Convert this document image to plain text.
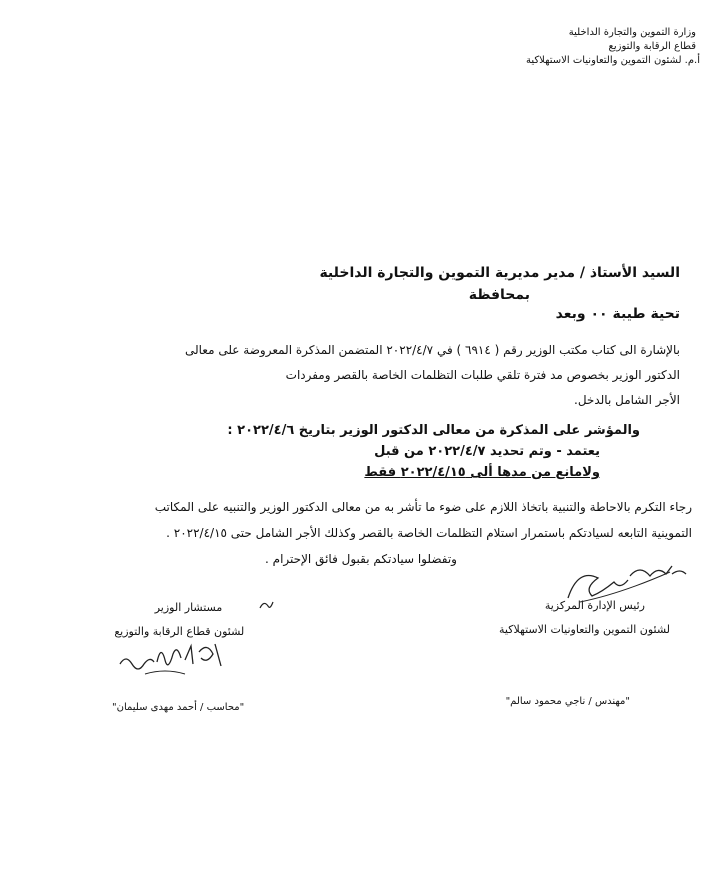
وزارة التموين والتجارة الداخلية
قطاع الرقابة والتوزيع
أ.م. لشئون التموين والتعاونيات الاستهلاكية
السيد الأستاذ / مدير مديرية التموين والتجارة الداخلية
بمحافظة
تحية طيبة ٠٠ وبعد
بالإشارة الى كتاب مكتب الوزير رقم ( ٦٩١٤ ) في ٢٠٢٢/٤/٧ المتضمن المذكرة المعروضة على معالى
الدكتور الوزير بخصوص مد فترة تلقي طلبات التظلمات الخاصة بالقصر ومفردات
الأجر الشامل بالدخل.
والمؤشر على المذكرة من معالى الدكتور الوزير بتاريخ ٢٠٢٢/٤/٦ :
يعتمد - وتم تحديد ٢٠٢٢/٤/٧ من قبل
ولامانع من مدها ألى ٢٠٢٢/٤/١٥ فقط
رجاء التكرم بالاحاطة والتنبية باتخاذ اللازم على ضوء ما تأشر به من معالى الدكتور الوزير والتنبيه على المكاتب
التموينية التابعه لسيادتكم باستمرار استلام التظلمات الخاصة بالقصر وكذلك الأجر الشامل حتى ٢٠٢٢/٤/١٥ .
وتفضلوا سيادتكم بقبول فائق الإحترام .
مستشار الوزير
لشئون قطاع الرقابة والتوزيع
"محاسب / أحمد مهدى سليمان"
رئيس الإدارة المركزية
لشئون التموين والتعاونيات الاستهلاكية
"مهندس / ناجي محمود سالم"
